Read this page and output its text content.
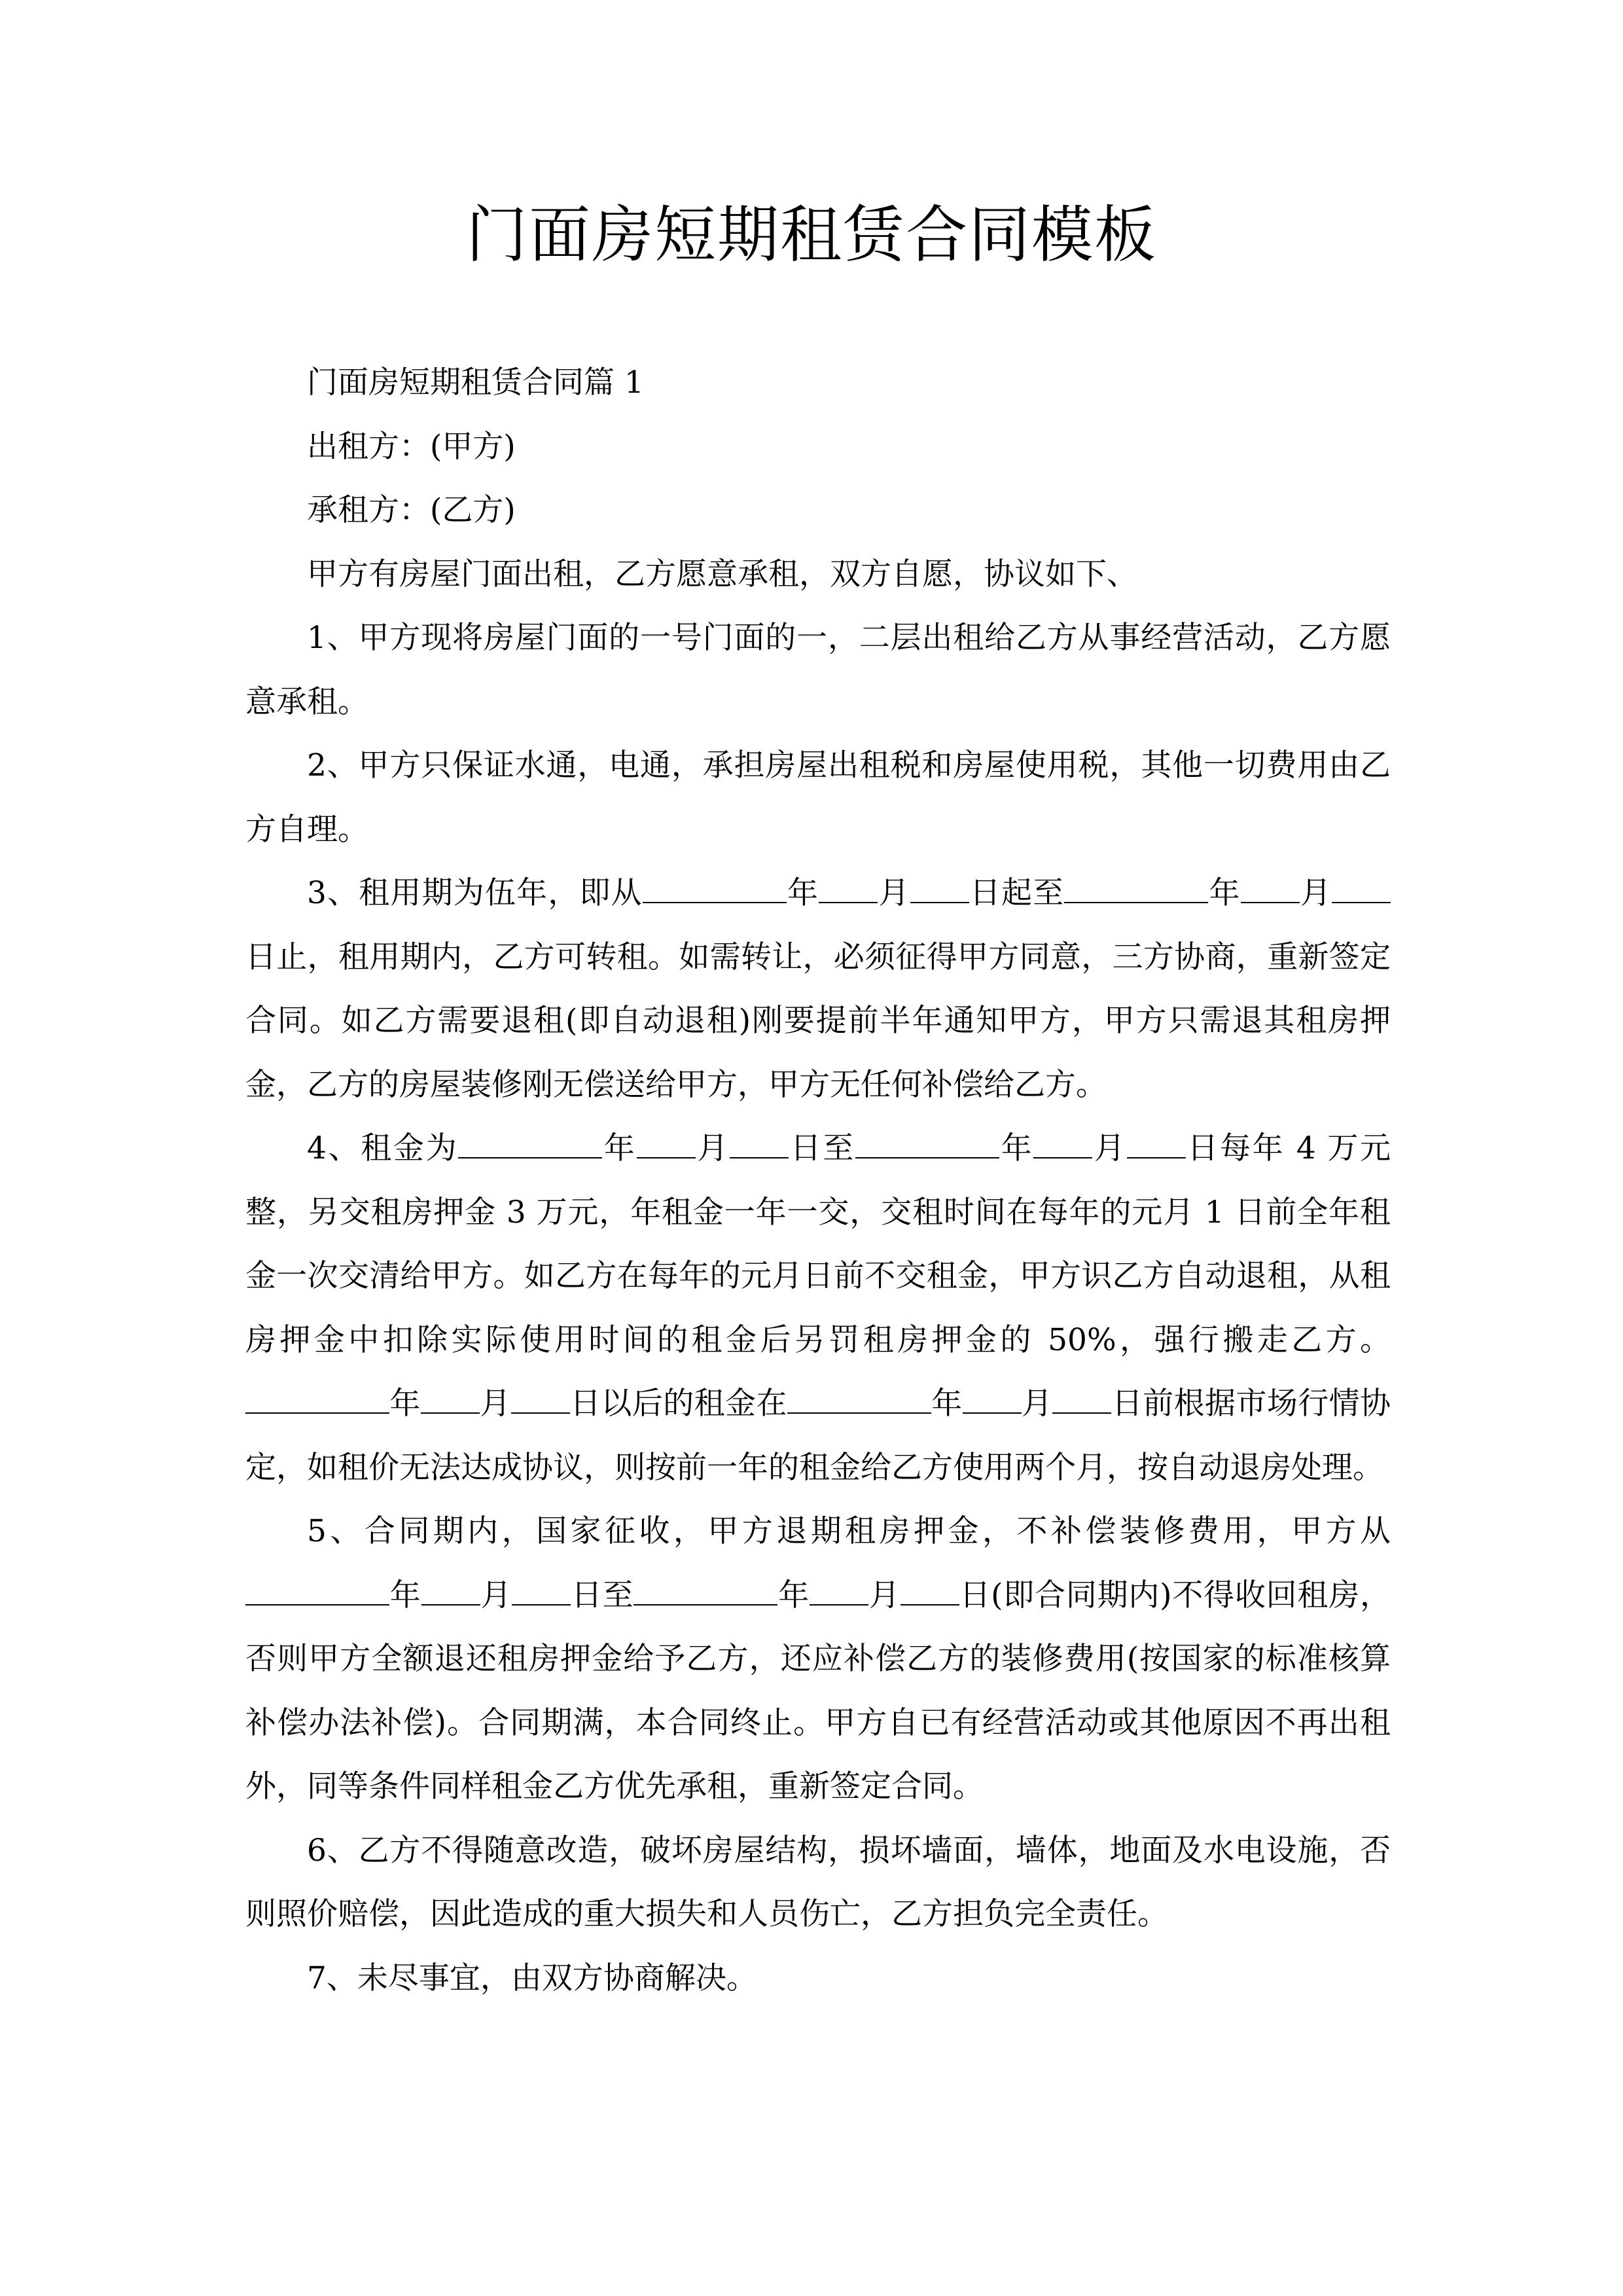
门面房短期租赁合同模板

门面房短期租赁合同篇 1

出租方：(甲方)

承租方：(乙方)

甲方有房屋门面出租，乙方愿意承租，双方自愿，协议如下、

1、甲方现将房屋门面的一号门面的一，二层出租给乙方从事经营活动，乙方愿意承租。

2、甲方只保证水通，电通，承担房屋出租税和房屋使用税，其他一切费用由乙方自理。

3、租用期为伍年，即从	年 月 日起至	年 月日止，租用期内，乙方可转租。如需转让，必须征得甲方同意，三方协商，重新签定合同。如乙方需要退租(即自动退租)刚要提前半年通知甲方，甲方只需退其租房押金，乙方的房屋装修刚无偿送给甲方，甲方无任何补偿给乙方。

4、租金为	年 月 日至	年 月 日每年 4 万元整，另交租房押金 3 万元，年租金一年一交，交租时间在每年的元月 1 日前全年租金一次交清给甲方。如乙方在每年的元月日前不交租金，甲方识乙方自动退租，从租房押金中扣除实际使用时间的租金后另罚租房押金的 50%，强行搬走乙方。年 月 日以后的租金在	年 月 日前根据市场行情协定，如租价无法达成协议，则按前一年的租金给乙方使用两个月，按自动退房处理。

5、合同期内，国家征收，甲方退期租房押金，不补偿装修费用，甲方从年 月 日至	年 月 日(即合同期内)不得收回租房，否则甲方全额退还租房押金给予乙方，还应补偿乙方的装修费用(按国家的标准核算补偿办法补偿)。合同期满，本合同终止。甲方自已有经营活动或其他原因不再出租外，同等条件同样租金乙方优先承租，重新签定合同。

6、乙方不得随意改造，破坏房屋结构，损坏墙面，墙体，地面及水电设施，否则照价赔偿，因此造成的重大损失和人员伤亡，乙方担负完全责任。

7、未尽事宜，由双方协商解决。
